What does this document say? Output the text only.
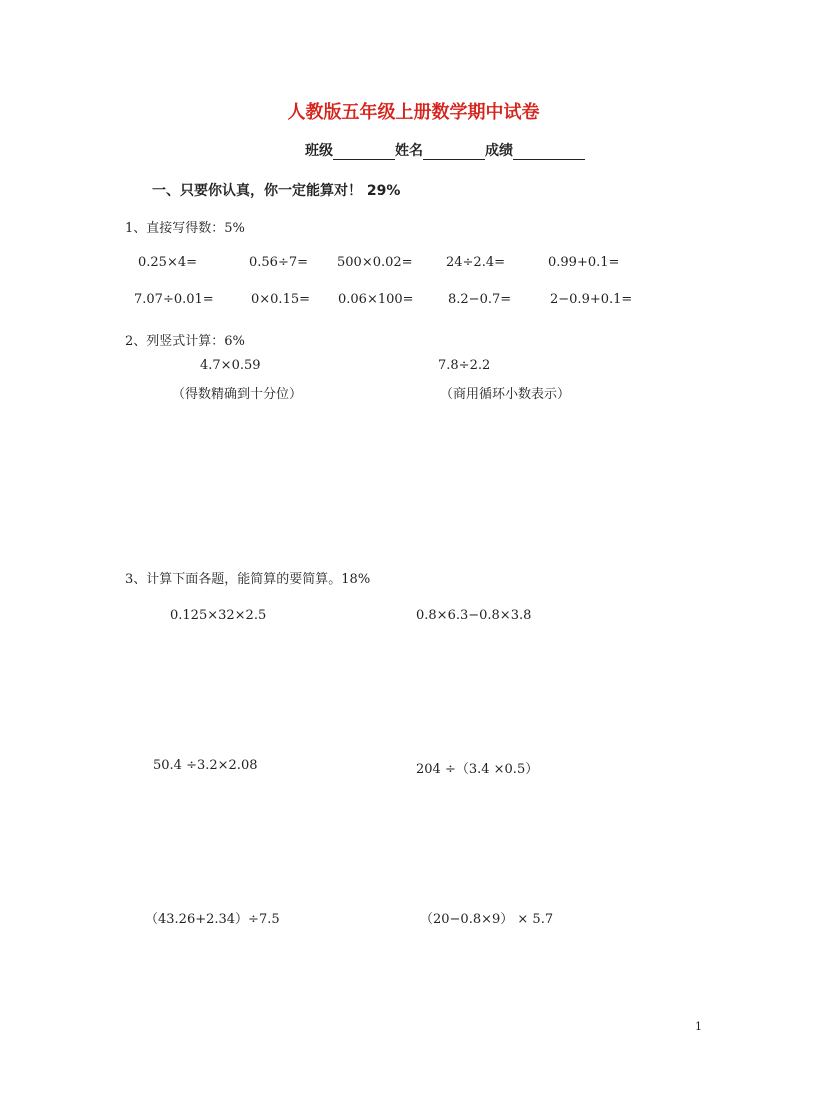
人教版五年级上册数学期中试卷
班级	姓名	成绩
一、只要你认真，你一定能算对！ 29%
1、直接写得数：5%
0.25×4=	0.56÷7= 500×0.02=	24÷2.4=	0.99+0.1=
7.07÷0.01=	0×0.15= 0.06×100=	8.2−0.7=	2−0.9+0.1=
2、列竖式计算：6%
4.7×0.59
（得数精确到十分位）
7.8÷2.2
（商用循环小数表示）
3、计算下面各题，能简算的要简算。18%
0.125×32×2.5	0.8×6.3−0.8×3.8
50.4 ÷3.2×2.08	204 ÷（3.4 ×0.5）
（43.26+2.34）÷7.5	（20−0.8×9） × 5.7
1
